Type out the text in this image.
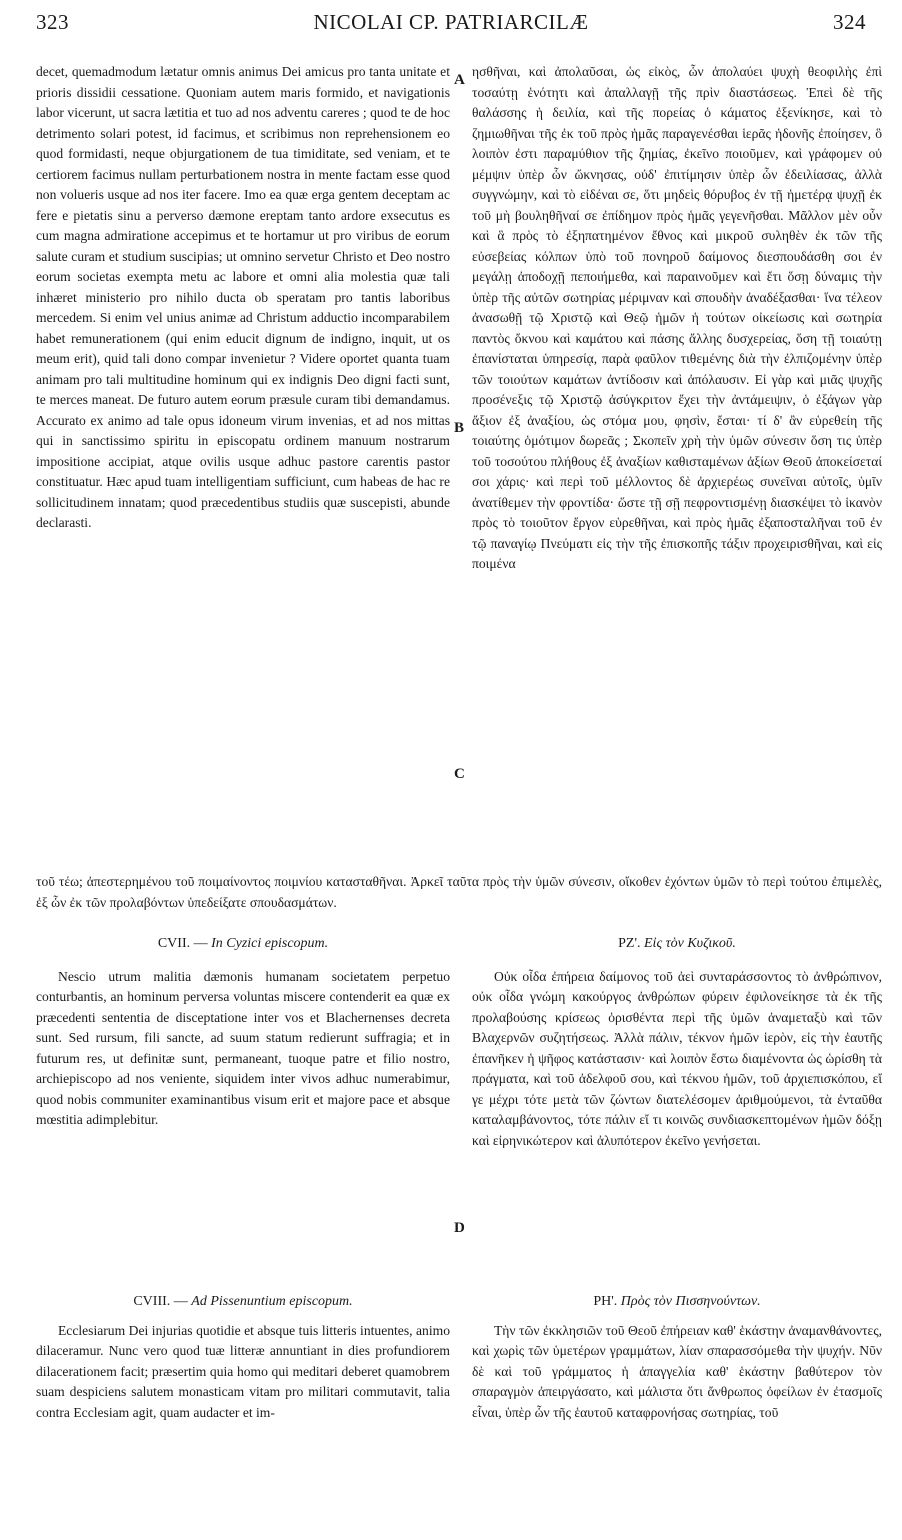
323	NICOLAI CP. PATRIARCILÆ	324
A
B
C
D

decet, quemadmodum lætatur omnis animus Dei amicus pro tanta unitate et prioris dissidii cessatione. Quoniam autem maris formido, et navigationis labor vicerunt, ut sacra lætitia et tuo ad nos adventu careres ; quod te de hoc detrimento solari potest, id facimus, et scribimus non reprehensionem eo quod formidasti, neque objurgationem de tua timiditate, sed veniam, et te certiorem facimus nullam perturbationem nostra in mente factam esse quod non volueris usque ad nos iter facere. Imo ea quæ erga gentem deceptam ac fere e pietatis sinu a perverso dæmone ereptam tanto ardore exsecutus es cum magna admiratione accepimus et te hortamur ut pro viribus de eorum salute curam et studium suscipias; ut omnino servetur Christo et Deo nostro eorum societas exempta metu ac labore et omni alia molestia quæ tali inhæret ministerio pro nihilo ducta ob speratam pro tantis laboribus mercedem. Si enim vel unius animæ ad Christum adductio incomparabilem habet remunerationem (qui enim educit dignum de indigno, inquit, ut os meum erit), quid tali dono compar invenietur ? Videre oportet quanta tuam animam pro tali multitudine hominum qui ex indignis Deo digni facti sunt, te merces maneat. De futuro autem eorum præsule curam tibi demandamus. Accurato ex animo ad tale opus idoneum virum invenias, et ad nos mittas qui in sanctissimo spiritu in episcopatu ordinem manuum nostrarum impositione accipiat, atque ovilis usque adhuc pastore carentis pastor constituatur. Hæc apud tuam intelligentiam sufficiunt, cum habeas de hac re sollicitudinem innatam; quod præcedentibus studiis quæ suscepisti, abunde declarasti.

ησθῆναι, καὶ ἀπολαῦσαι, ὡς εἰκὸς, ὧν ἀπολαύει ψυχὴ θεοφιλὴς ἐπὶ τοσαύτῃ ἑνότητι καὶ ἀπαλλαγῇ τῆς πρὶν διαστάσεως. Ἐπεὶ δὲ τῆς θαλάσσης ἡ δειλία, καὶ τῆς πορείας ὁ κάματος ἐξενίκησε, καὶ τὸ ζημιωθῆναι τῆς ἐκ τοῦ πρὸς ἡμᾶς παραγενέσθαι ἱερᾶς ἡδονῆς ἐποίησεν, ὃ λοιπὸν ἐστι παραμύθιον τῆς ζημίας, ἐκεῖνο ποιοῦμεν, καὶ γράφομεν οὐ μέμψιν ὑπὲρ ὧν ὤκνησας, οὐδ' ἐπιτίμησιν ὑπὲρ ὧν ἐδειλίασας, ἀλλὰ συγγνώμην, καὶ τὸ εἰδέναι σε, ὅτι μηδεὶς θόρυβος ἐν τῇ ἡμετέρᾳ ψυχῇ ἐκ τοῦ μὴ βουληθῆναί σε ἐπίδημον πρὸς ἡμᾶς γεγενῆσθαι. Μᾶλλον μὲν οὖν καὶ ἃ πρὸς τὸ ἐξηπατημένον ἔθνος καὶ μικροῦ συληθὲν ἐκ τῶν τῆς εὐσεβείας κόλπων ὑπὸ τοῦ πονηροῦ δαίμονος διεσπουδάσθη σοι ἐν μεγάλῃ ἀποδοχῇ πεποιήμεθα, καὶ παραινοῦμεν καὶ ἔτι ὅσῃ δύναμις τὴν ὑπὲρ τῆς αὐτῶν σωτηρίας μέριμναν καὶ σπουδὴν ἀναδέξασθαι· ἵνα τέλεον ἀνασωθῇ τῷ Χριστῷ καὶ Θεῷ ἡμῶν ἡ τούτων οἰκείωσις καὶ σωτηρία παντὸς ὄκνου καὶ καμάτου καὶ πάσης ἄλλης δυσχερείας, ὅση τῇ τοιαύτῃ ἐπανίσταται ὑπηρεσίᾳ, παρὰ φαῦλον τιθεμένης διὰ τὴν ἐλπιζομένην ὑπὲρ τῶν τοιούτων καμάτων ἀντίδοσιν καὶ ἀπόλαυσιν. Εἰ γὰρ καὶ μιᾶς ψυχῆς προσένεξις τῷ Χριστῷ ἀσύγκριτον ἔχει τὴν ἀντάμειψιν, ὁ ἐξάγων γὰρ ἄξιον ἐξ ἀναξίου, ὡς στόμα μου, φησὶν, ἔσται· τί δ' ἂν εὑρεθείη τῆς τοιαύτης ὁμότιμον δωρεᾶς ; Σκοπεῖν χρὴ τὴν ὑμῶν σύνεσιν ὅση τις ὑπὲρ τοῦ τοσούτου πλήθους ἐξ ἀναξίων καθισταμένων ἀξίων Θεοῦ ἀποκείσεταί σοι χάρις· καὶ περὶ τοῦ μέλλοντος δὲ ἀρχιερέως συνεῖναι αὐτοῖς, ὑμῖν ἀνατίθεμεν τὴν φροντίδα· ὥστε τῇ σῇ πεφροντισμένῃ διασκέψει τὸ ἱκανὸν πρὸς τὸ τοιοῦτον ἔργον εὑρεθῆναι, καὶ πρὸς ἡμᾶς ἐξαποσταλῆναι τοῦ ἐν τῷ παναγίῳ Πνεύματι εἰς τὴν τῆς ἐπισκοπῆς τάξιν προχειρισθῆναι, καὶ εἰς ποιμένα

τοῦ τέω; ἀπεστερημένου τοῦ ποιμαίνοντος ποιμνίου κατασταθῆναι. Ἀρκεῖ ταῦτα πρὸς τὴν ὑμῶν σύνεσιν, οἴκοθεν ἐχόντων ὑμῶν τὸ περὶ τούτου ἐπιμελὲς, ἐξ ὧν ἐκ τῶν προλαβόντων ὑπεδείξατε σπουδασμάτων.

CVII. — In Cyzici episcopum.

Nescio utrum malitia dæmonis humanam societatem perpetuo conturbantis, an hominum perversa voluntas miscere contenderit ea quæ ex præcedenti sententia de disceptatione inter vos et Blachernenses decreta sunt. Sed rursum, fili sancte, ad suum statum redierunt suffragia; et in futurum res, ut definitæ sunt, permaneant, tuoque patre et filio nostro, archiepiscopo ad nos veniente, siquidem inter vivos adhuc numerabimur, quod nobis communiter examinantibus visum erit et majore pace et absque mœstitia adimplebitur.

ΡΖ'. Εἰς τὸν Κυζικοῦ.

Οὐκ οἶδα ἐπήρεια δαίμονος τοῦ ἀεὶ συνταράσσοντος τὸ ἀνθρώπινον, οὐκ οἶδα γνώμη κακούργος ἀνθρώπων φύρειν ἐφιλονείκησε τὰ ἐκ τῆς προλαβούσης κρίσεως ὁρισθέντα περὶ τῆς ὑμῶν ἀναμεταξὺ καὶ τῶν Βλαχερνῶν συζητήσεως. Ἀλλὰ πάλιν, τέκνον ἡμῶν ἱερὸν, εἰς τὴν ἑαυτῆς ἐπανῆκεν ἡ ψῆφος κατάστασιν· καὶ λοιπὸν ἔστω διαμένοντα ὡς ὡρίσθη τὰ πράγματα, καὶ τοῦ ἀδελφοῦ σου, καὶ τέκνου ἡμῶν, τοῦ ἀρχιεπισκόπου, εἴ γε μέχρι τότε μετὰ τῶν ζώντων διατελέσομεν ἀριθμούμενοι, τὰ ἐνταῦθα καταλαμβάνοντος, τότε πάλιν εἴ τι κοινῶς συνδιασκεπτομένων ἡμῶν δόξῃ καὶ εἰρηνικώτερον καὶ ἀλυπότερον ἐκεῖνο γενήσεται.

CVIII. — Ad Pissenuntium episcopum.

Ecclesiarum Dei injurias quotidie et absque tuis litteris intuentes, animo dilaceramur. Nunc vero quod tuæ litteræ annuntiant in dies profundiorem dilacerationem facit; præsertim quia homo qui meditari deberet quamobrem suam despiciens salutem monasticam vitam pro militari commutavit, talia contra Ecclesiam agit, quam audacter et im-

ΡΗ'. Πρὸς τὸν Πισσηνούντων.

Τὴν τῶν ἐκκλησιῶν τοῦ Θεοῦ ἐπήρειαν καθ' ἑκάστην ἀναμανθάνοντες, καὶ χωρὶς τῶν ὑμετέρων γραμμάτων, λίαν σπαρασσόμεθα τὴν ψυχήν. Νῦν δὲ καὶ τοῦ γράμματος ἡ ἀπαγγελία καθ' ἑκάστην βαθύτερον τὸν σπαραγμὸν ἀπειργάσατο, καὶ μάλιστα ὅτι ἄνθρωπος ὀφείλων ἐν ἐτασμοῖς εἶναι, ὑπὲρ ὧν τῆς ἑαυτοῦ καταφρονήσας σωτηρίας, τοῦ
